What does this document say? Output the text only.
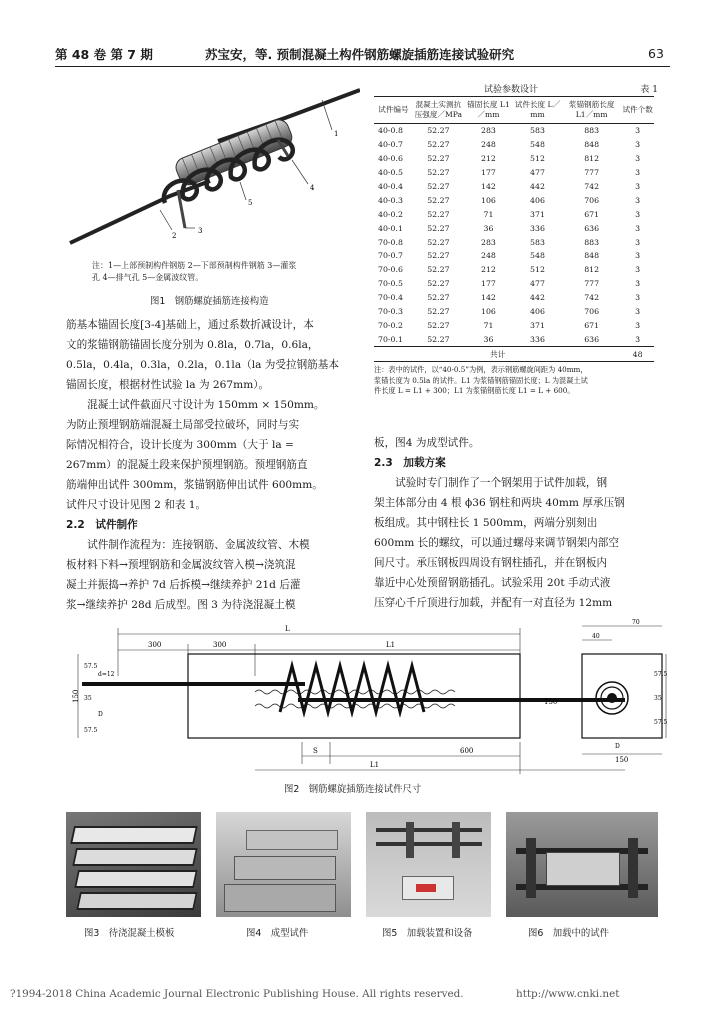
第 48 卷 第 7 期	苏宝安，等. 预制混凝土构件钢筋螺旋插筋连接试验研究	63
1
2
3
4
5
注：1—上部预制构件钢筋 2—下部预制构件钢筋 3—灌浆
孔 4—排气孔 5—金属波纹管。
图1　钢筋螺旋插筋连接构造

筋基本锚固长度[3-4]基础上，通过系数折减设计，本

文的浆锚钢筋锚固长度分别为 0.8la，0.7la，0.6la，

0.5la，0.4la，0.3la，0.2la，0.1la（la 为受拉钢筋基本

锚固长度，根据材性试验 la 为 267mm）。

　　混凝土试件截面尺寸设计为 150mm × 150mm。

为防止预埋钢筋端混凝土局部受拉破坏，同时与实

际情况相符合，设计长度为 300mm（大于 la =

267mm）的混凝土段来保护预埋钢筋。预埋钢筋直

筋端伸出试件 300mm，浆锚钢筋伸出试件 600mm。

试件尺寸设计见图 2 和表 1。

2.2　试件制作

　　试件制作流程为：连接钢筋、金属波纹管、木模

板材料下料→预埋钢筋和金属波纹管入模→浇筑混

凝土并振捣→养护 7d 后拆模→继续养护 21d 后灌

浆→继续养护 28d 后成型。图 3 为待浇混凝土模

试验参数设计	表 1
试件编号	混凝土实测抗压强度／MPa	锚固长度 L1／mm	试件长度 L／mm	浆锚钢筋长度 L1／mm	试件个数
40-0.8	52.27	283	583	883	3
40-0.7	52.27	248	548	848	3
40-0.6	52.27	212	512	812	3
40-0.5	52.27	177	477	777	3
40-0.4	52.27	142	442	742	3
40-0.3	52.27	106	406	706	3
40-0.2	52.27	71	371	671	3
40-0.1	52.27	36	336	636	3
70-0.8	52.27	283	583	883	3
70-0.7	52.27	248	548	848	3
70-0.6	52.27	212	512	812	3
70-0.5	52.27	177	477	777	3
70-0.4	52.27	142	442	742	3
70-0.3	52.27	106	406	706	3
70-0.2	52.27	71	371	671	3
70-0.1	52.27	36	336	636	3
共计					48
注：表中的试件，以“40-0.5”为例，表示钢筋螺旋间距为 40mm，
浆锚长度为 0.5la 的试件。L1 为浆锚钢筋锚固长度；L 为混凝土试
件长度 L = L1 + 300；L1 为浆锚钢筋长度 L1 = L + 600。

板，图4 为成型试件。

2.3　加载方案

　　试验时专门制作了一个钢架用于试件加载，钢

架主体部分由 4 根 ϕ36 钢柱和两块 40mm 厚承压钢

板组成。其中钢柱长 1 500mm，两端分别刻出

600mm 长的螺纹，可以通过螺母来调节钢架内部空

间尺寸。承压钢板四周设有钢柱插孔，并在钢板内

靠近中心处预留钢筋插孔。试验采用 20t 手动式液

压穿心千斤顶进行加载，并配有一对直径为 12mm

L
300	300	L1
S	600
L1
150
57.5
35
57.5
d=12
D
70
40
57.5
57.5
35
150
D
150
图2　钢筋螺旋插筋连接试件尺寸
图3　待浇混凝土模板	图4　成型试件	图5　加载装置和设备	图6　加载中的试件
?1994-2018 China Academic Journal Electronic Publishing House. All rights reserved.	http://www.cnki.net
